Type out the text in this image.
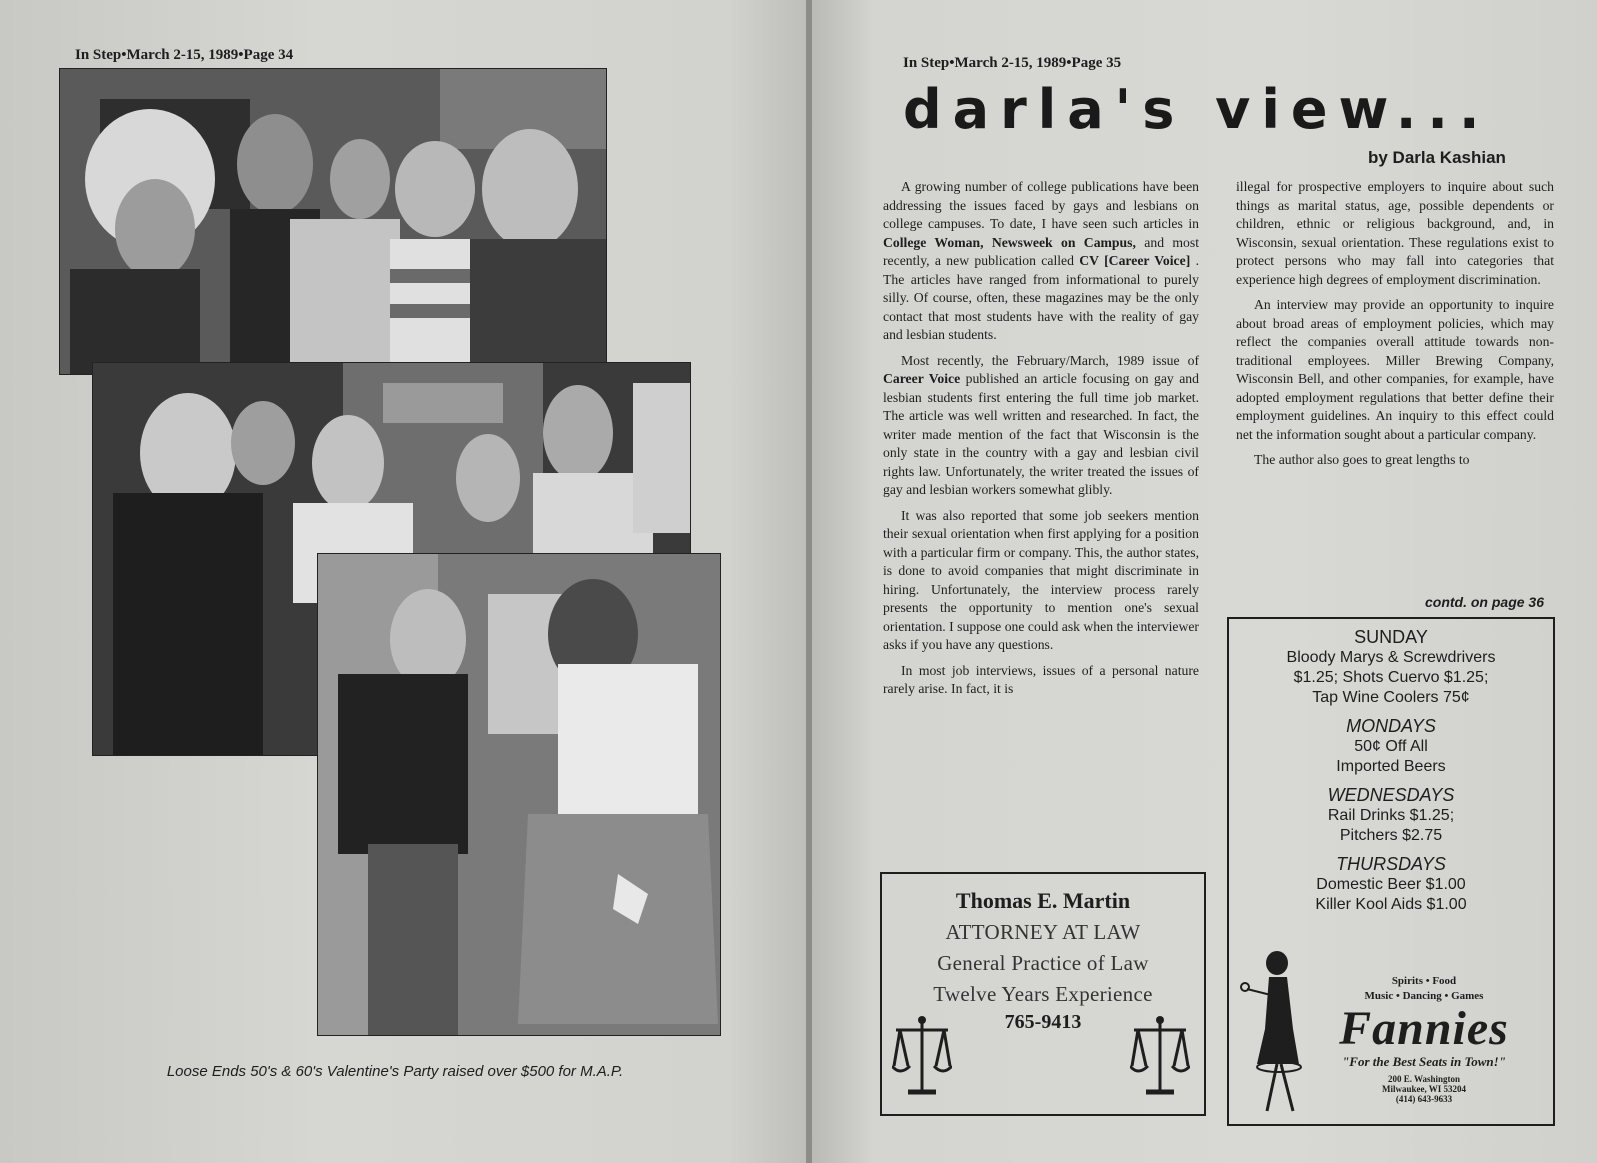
In Step•March 2-15, 1989•Page 34
Loose Ends 50's & 60's Valentine's Party raised over $500 for M.A.P.
In Step•March 2-15, 1989•Page 35
darla's view...
by Darla Kashian

A growing number of college publications have been addressing the issues faced by gays and lesbians on college campuses. To date, I have seen such articles in College Woman, Newsweek on Campus, and most recently, a new publication called CV [Career Voice] . The articles have ranged from informational to purely silly. Of course, often, these magazines may be the only contact that most students have with the reality of gay and lesbian students.

Most recently, the February/March, 1989 issue of Career Voice published an article focusing on gay and lesbian students first entering the full time job market. The article was well written and researched. In fact, the writer made mention of the fact that Wisconsin is the only state in the country with a gay and lesbian civil rights law. Unfortunately, the writer treated the issues of gay and lesbian workers somewhat glibly.

It was also reported that some job seekers mention their sexual orientation when first applying for a position with a particular firm or company. This, the author states, is done to avoid companies that might discriminate in hiring. Unfortunately, the interview process rarely presents the opportunity to mention one's sexual orientation. I suppose one could ask when the interviewer asks if you have any questions.

In most job interviews, issues of a personal nature rarely arise. In fact, it is

illegal for prospective employers to inquire about such things as marital status, age, possible dependents or children, ethnic or religious background, and, in Wisconsin, sexual orientation. These regulations exist to protect persons who may fall into categories that experience high degrees of employment discrimination.

An interview may provide an opportunity to inquire about broad areas of employment policies, which may reflect the companies overall attitude towards non-traditional employees. Miller Brewing Company, Wisconsin Bell, and other companies, for example, have adopted employment regulations that better define their employment guidelines. An inquiry to this effect could net the information sought about a particular company.

The author also goes to great lengths to

contd. on page 36
Thomas E. Martin
ATTORNEY AT LAW
General Practice of Law
Twelve Years Experience
765-9413
SUNDAY
Bloody Marys & Screwdrivers
$1.25; Shots Cuervo $1.25;
Tap Wine Coolers 75¢
MONDAYS
50¢ Off All
Imported Beers
WEDNESDAYS
Rail Drinks $1.25;
Pitchers $2.75
THURSDAYS
Domestic Beer $1.00
Killer Kool Aids $1.00
Spirits • Food
Music • Dancing • Games
Fannies
"For the Best Seats in Town!"
200 E. Washington
Milwaukee, WI 53204
(414) 643-9633
